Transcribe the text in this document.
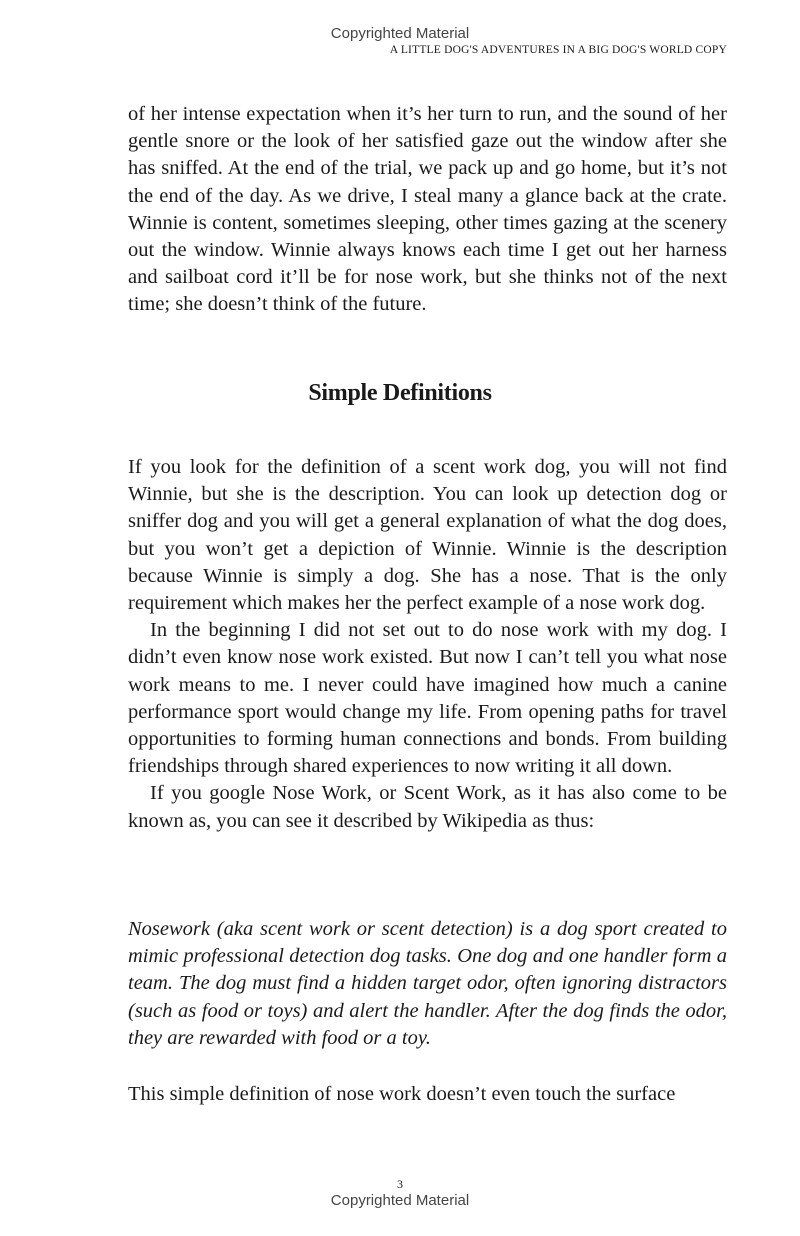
Copyrighted Material
A LITTLE DOG'S ADVENTURES IN A BIG DOG'S WORLD COPY

of her intense expectation when it’s her turn to run, and the sound of her gentle snore or the look of her satisfied gaze out the window after she has sniffed. At the end of the trial, we pack up and go home, but it’s not the end of the day. As we drive, I steal many a glance back at the crate. Winnie is content, sometimes sleeping, other times gazing at the scenery out the window. Winnie always knows each time I get out her harness and sailboat cord it’ll be for nose work, but she thinks not of the next time; she doesn’t think of the future.

Simple Definitions

If you look for the definition of a scent work dog, you will not find Winnie, but she is the description. You can look up detection dog or sniffer dog and you will get a general explanation of what the dog does, but you won’t get a depiction of Winnie. Winnie is the description because Winnie is simply a dog. She has a nose. That is the only requirement which makes her the perfect example of a nose work dog.

In the beginning I did not set out to do nose work with my dog. I didn’t even know nose work existed. But now I can’t tell you what nose work means to me. I never could have imagined how much a canine performance sport would change my life. From opening paths for travel opportunities to forming human connections and bonds. From building friendships through shared experiences to now writing it all down.

If you google Nose Work, or Scent Work, as it has also come to be known as, you can see it described by Wikipedia as thus:

Nosework (aka scent work or scent detection) is a dog sport created to mimic professional detection dog tasks. One dog and one handler form a team. The dog must find a hidden target odor, often ignoring distractors (such as food or toys) and alert the handler. After the dog finds the odor, they are rewarded with food or a toy.

This simple definition of nose work doesn’t even touch the surface

3
Copyrighted Material
